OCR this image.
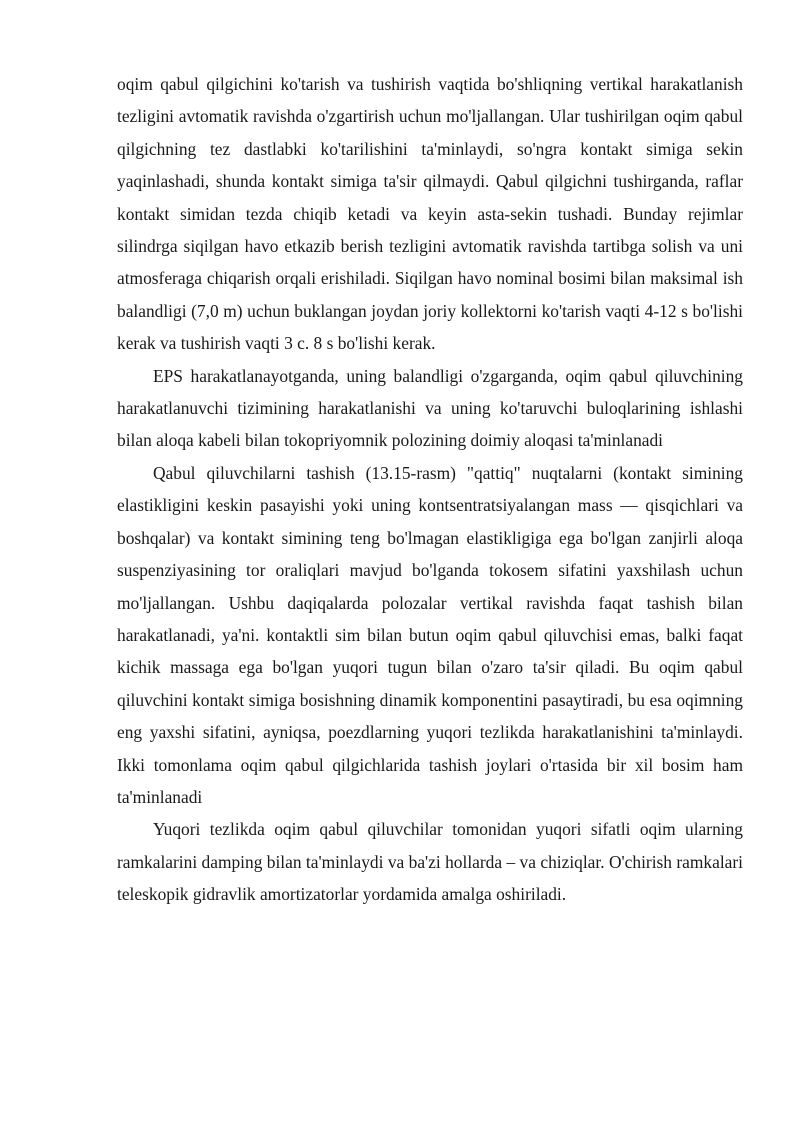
oqim qabul qilgichini ko'tarish va tushirish vaqtida bo'shliqning vertikal harakatlanish tezligini avtomatik ravishda o'zgartirish uchun mo'ljallangan. Ular tushirilgan oqim qabul qilgichning tez dastlabki ko'tarilishini ta'minlaydi, so'ngra kontakt simiga sekin yaqinlashadi, shunda kontakt simiga ta'sir qilmaydi. Qabul qilgichni tushirganda, raflar kontakt simidan tezda chiqib ketadi va keyin asta-sekin tushadi. Bunday rejimlar silindrga siqilgan havo etkazib berish tezligini avtomatik ravishda tartibga solish va uni atmosferaga chiqarish orqali erishiladi. Siqilgan havo nominal bosimi bilan maksimal ish balandligi (7,0 m) uchun buklangan joydan joriy kollektorni ko'tarish vaqti 4-12 s bo'lishi kerak va tushirish vaqti 3 c. 8 s bo'lishi kerak.

EPS harakatlanayotganda, uning balandligi o'zgarganda, oqim qabul qiluvchining harakatlanuvchi tizimining harakatlanishi va uning ko'taruvchi buloqlarining ishlashi bilan aloqa kabeli bilan tokopriyomnik polozining doimiy aloqasi ta'minlanadi

Qabul qiluvchilarni tashish (13.15-rasm) "qattiq" nuqtalarni (kontakt simining elastikligini keskin pasayishi yoki uning kontsentratsiyalangan mass — qisqichlari va boshqalar) va kontakt simining teng bo'lmagan elastikligiga ega bo'lgan zanjirli aloqa suspenziyasining tor oraliqlari mavjud bo'lganda tokosem sifatini yaxshilash uchun mo'ljallangan. Ushbu daqiqalarda polozalar vertikal ravishda faqat tashish bilan harakatlanadi, ya'ni. kontaktli sim bilan butun oqim qabul qiluvchisi emas, balki faqat kichik massaga ega bo'lgan yuqori tugun bilan o'zaro ta'sir qiladi. Bu oqim qabul qiluvchini kontakt simiga bosishning dinamik komponentini pasaytiradi, bu esa oqimning eng yaxshi sifatini, ayniqsa, poezdlarning yuqori tezlikda harakatlanishini ta'minlaydi. Ikki tomonlama oqim qabul qilgichlarida tashish joylari o'rtasida bir xil bosim ham ta'minlanadi

Yuqori tezlikda oqim qabul qiluvchilar tomonidan yuqori sifatli oqim ularning ramkalarini damping bilan ta'minlaydi va ba'zi hollarda – va chiziqlar. O'chirish ramkalari teleskopik gidravlik amortizatorlar yordamida amalga oshiriladi.
